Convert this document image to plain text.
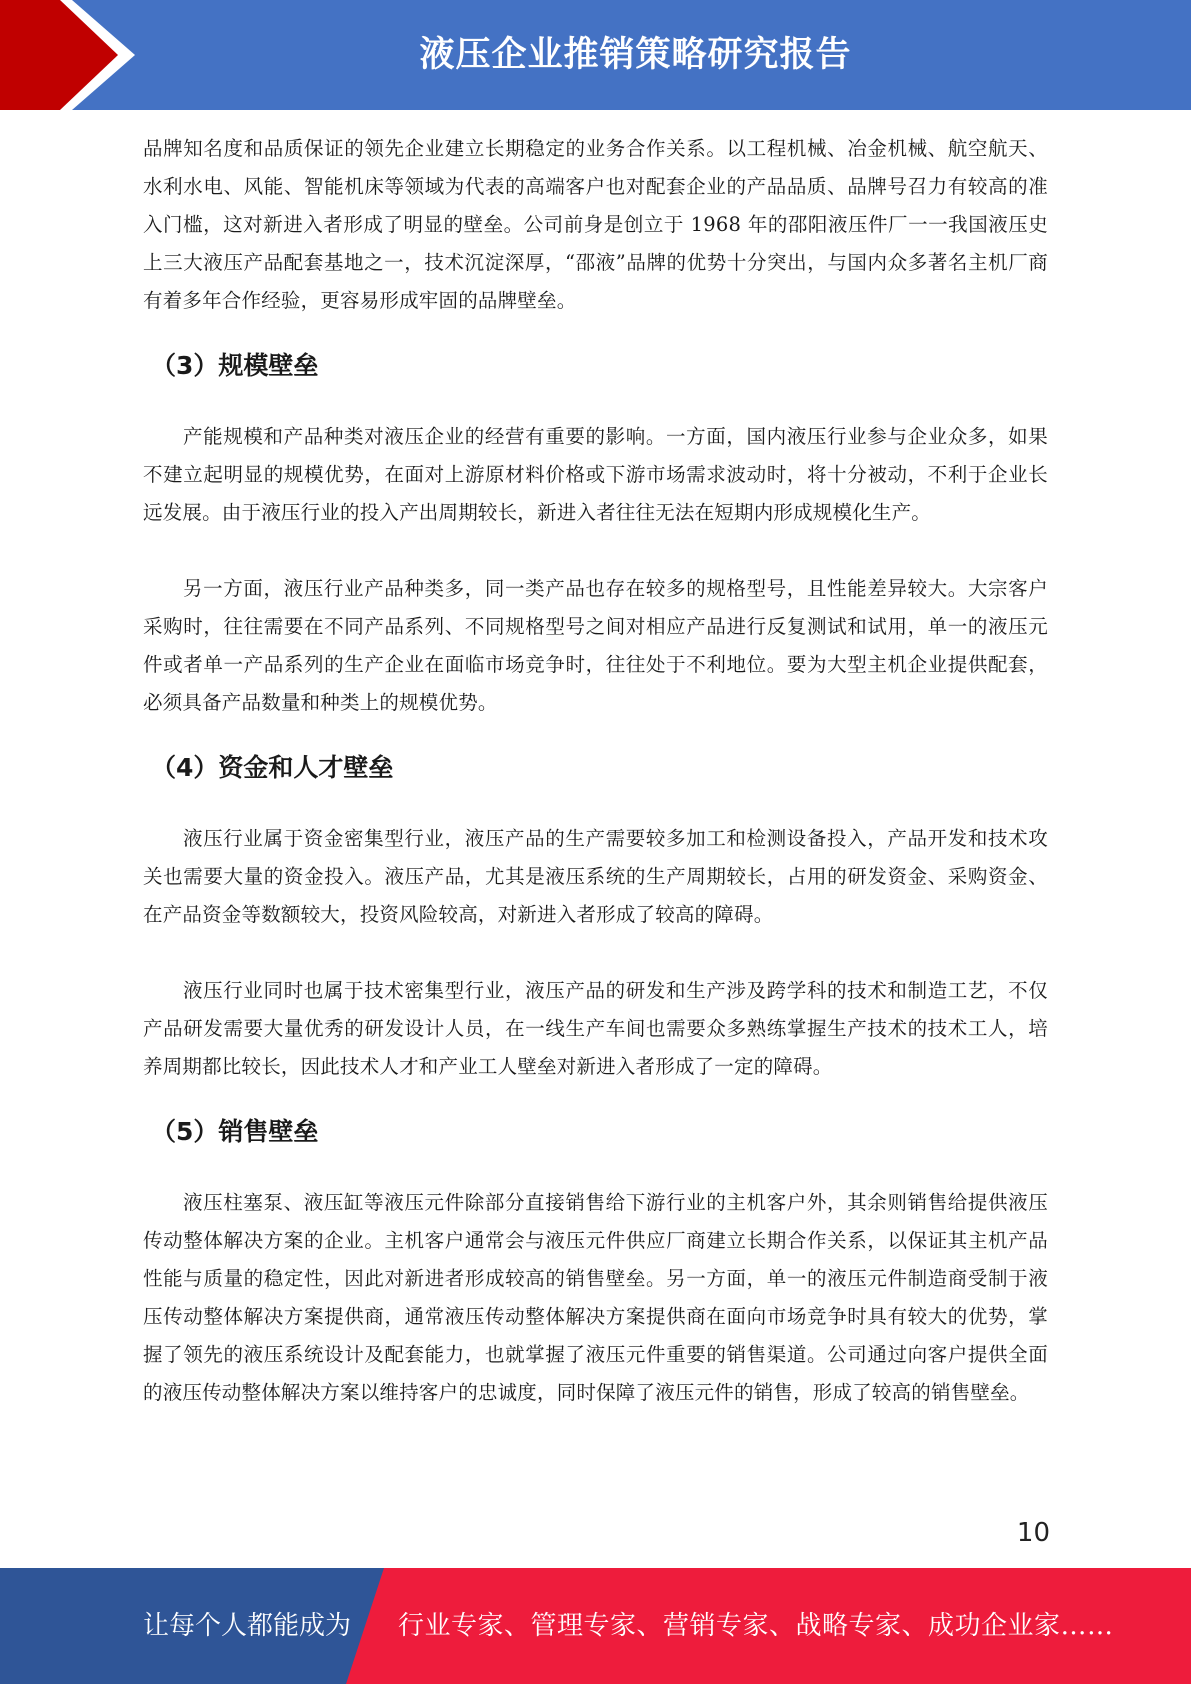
液压企业推销策略研究报告

品牌知名度和品质保证的领先企业建立长期稳定的业务合作关系。以工程机械、冶金机械、航空航天、水利水电、风能、智能机床等领域为代表的高端客户也对配套企业的产品品质、品牌号召力有较高的准入门槛，这对新进入者形成了明显的壁垒。公司前身是创立于 1968 年的邵阳液压件厂一一我国液压史上三大液压产品配套基地之一，技术沉淀深厚，“邵液”品牌的优势十分突出，与国内众多著名主机厂商有着多年合作经验，更容易形成牢固的品牌壁垒。

（3）规模壁垒

产能规模和产品种类对液压企业的经营有重要的影响。一方面，国内液压行业参与企业众多，如果不建立起明显的规模优势，在面对上游原材料价格或下游市场需求波动时，将十分被动，不利于企业长远发展。由于液压行业的投入产出周期较长，新进入者往往无法在短期内形成规模化生产。

另一方面，液压行业产品种类多，同一类产品也存在较多的规格型号，且性能差异较大。大宗客户采购时，往往需要在不同产品系列、不同规格型号之间对相应产品进行反复测试和试用，单一的液压元件或者单一产品系列的生产企业在面临市场竞争时，往往处于不利地位。要为大型主机企业提供配套，必须具备产品数量和种类上的规模优势。

（4）资金和人才壁垒

液压行业属于资金密集型行业，液压产品的生产需要较多加工和检测设备投入，产品开发和技术攻关也需要大量的资金投入。液压产品，尤其是液压系统的生产周期较长，占用的研发资金、采购资金、在产品资金等数额较大，投资风险较高，对新进入者形成了较高的障碍。

液压行业同时也属于技术密集型行业，液压产品的研发和生产涉及跨学科的技术和制造工艺，不仅产品研发需要大量优秀的研发设计人员，在一线生产车间也需要众多熟练掌握生产技术的技术工人，培养周期都比较长，因此技术人才和产业工人壁垒对新进入者形成了一定的障碍。

（5）销售壁垒

液压柱塞泵、液压缸等液压元件除部分直接销售给下游行业的主机客户外，其余则销售给提供液压传动整体解决方案的企业。主机客户通常会与液压元件供应厂商建立长期合作关系，以保证其主机产品性能与质量的稳定性，因此对新进者形成较高的销售壁垒。另一方面，单一的液压元件制造商受制于液压传动整体解决方案提供商，通常液压传动整体解决方案提供商在面向市场竞争时具有较大的优势，掌握了领先的液压系统设计及配套能力，也就掌握了液压元件重要的销售渠道。公司通过向客户提供全面的液压传动整体解决方案以维持客户的忠诚度，同时保障了液压元件的销售，形成了较高的销售壁垒。

10
让每个人都能成为 行业专家、管理专家、营销专家、战略专家、成功企业家……
